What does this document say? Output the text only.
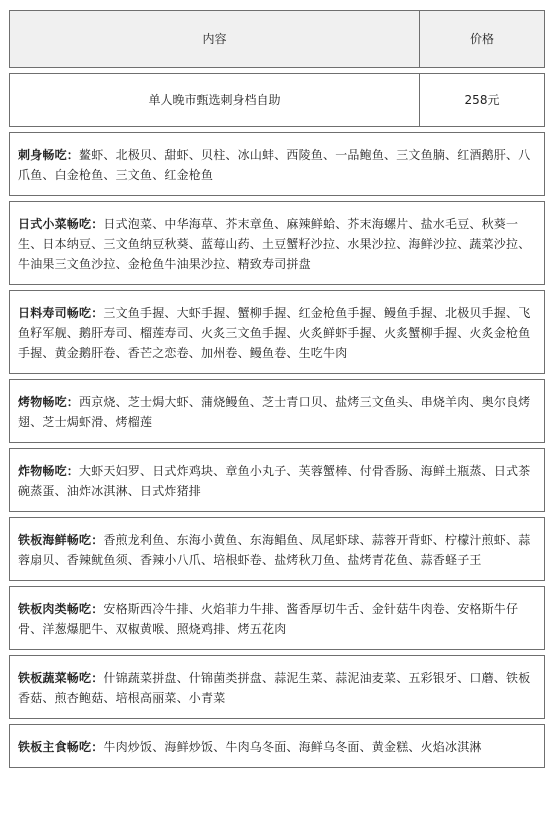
内容	价格

单人晚市甄选刺身档自助	258元

刺身畅吃：鳌虾、北极贝、甜虾、贝柱、冰山蚌、西陵鱼、一品鲍鱼、三文鱼腩、红酒鹅肝、八爪鱼、白金枪鱼、三文鱼、红金枪鱼	

日式小菜畅吃：日式泡菜、中华海草、芥末章鱼、麻辣鲜蛤、芥末海螺片、盐水毛豆、秋葵一生、日本纳豆、三文鱼纳豆秋葵、蓝莓山药、土豆蟹籽沙拉、水果沙拉、海鲜沙拉、蔬菜沙拉、牛油果三文鱼沙拉、金枪鱼牛油果沙拉、精致寿司拼盘	

日料寿司畅吃：三文鱼手握、大虾手握、蟹柳手握、红金枪鱼手握、鳗鱼手握、北极贝手握、飞鱼籽军舰、鹅肝寿司、榴莲寿司、火炙三文鱼手握、火炙鲜虾手握、火炙蟹柳手握、火炙金枪鱼手握、黄金鹅肝卷、香芒之恋卷、加州卷、鳗鱼卷、生吃牛肉	

烤物畅吃：西京烧、芝士焗大虾、蒲烧鳗鱼、芝士青口贝、盐烤三文鱼头、串烧羊肉、奥尔良烤翅、芝士焗虾滑、烤榴莲	

炸物畅吃：大虾天妇罗、日式炸鸡块、章鱼小丸子、芙蓉蟹棒、付骨香肠、海鲜土瓶蒸、日式茶碗蒸蛋、油炸冰淇淋、日式炸猪排	

铁板海鲜畅吃：香煎龙利鱼、东海小黄鱼、东海鲳鱼、凤尾虾球、蒜蓉开背虾、柠檬汁煎虾、蒜蓉扇贝、香辣鱿鱼须、香辣小八爪、培根虾卷、盐烤秋刀鱼、盐烤青花鱼、蒜香蛏子王	

铁板肉类畅吃：安格斯西冷牛排、火焰菲力牛排、酱香厚切牛舌、金针菇牛肉卷、安格斯牛仔骨、洋葱爆肥牛、双椒黄喉、照烧鸡排、烤五花肉	

铁板蔬菜畅吃：什锦蔬菜拼盘、什锦菌类拼盘、蒜泥生菜、蒜泥油麦菜、五彩银牙、口蘑、铁板香菇、煎杏鲍菇、培根高丽菜、小青菜	

铁板主食畅吃：牛肉炒饭、海鲜炒饭、牛肉乌冬面、海鲜乌冬面、黄金糕、火焰冰淇淋	
